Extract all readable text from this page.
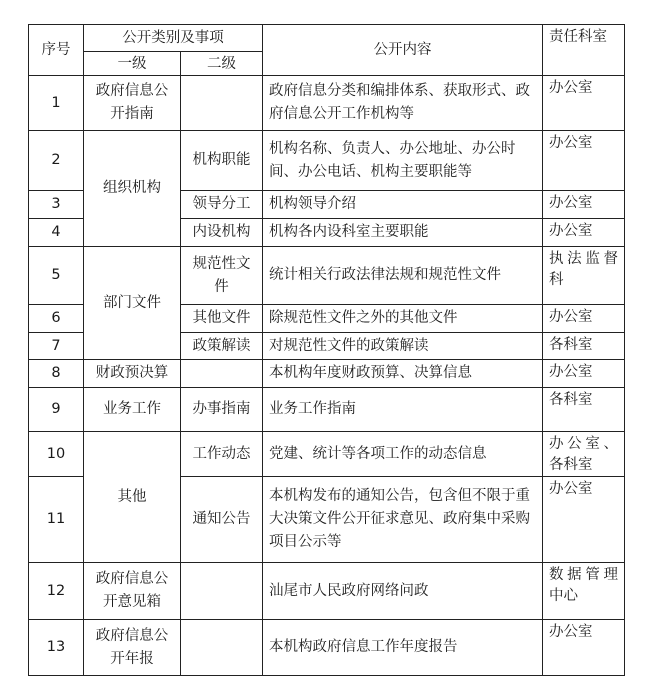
序号	公开类别及事项		公开内容	责任科室
	一级	二级		
1	政府信息公开指南		政府信息分类和编排体系、获取形式、政府信息公开工作机构等	办公室
2	组织机构	机构职能	机构名称、负责人、办公地址、办公时间、办公电话、机构主要职能等	办公室
3		领导分工	机构领导介绍	办公室
4		内设机构	机构各内设科室主要职能	办公室
5	部门文件	规范性文件	统计相关行政法律法规和规范性文件	执法监督科
6		其他文件	除规范性文件之外的其他文件	办公室
7		政策解读	对规范性文件的政策解读	各科室
8	财政预决算		本机构年度财政预算、决算信息	办公室
9	业务工作	办事指南	业务工作指南	各科室
10	其他	工作动态	党建、统计等各项工作的动态信息	办公室、各科室
11		通知公告	本机构发布的通知公告，包含但不限于重大决策文件公开征求意见、政府集中采购项目公示等	办公室
12	政府信息公开意见箱		汕尾市人民政府网络问政	数据管理中心
13	政府信息公开年报		本机构政府信息工作年度报告	办公室
